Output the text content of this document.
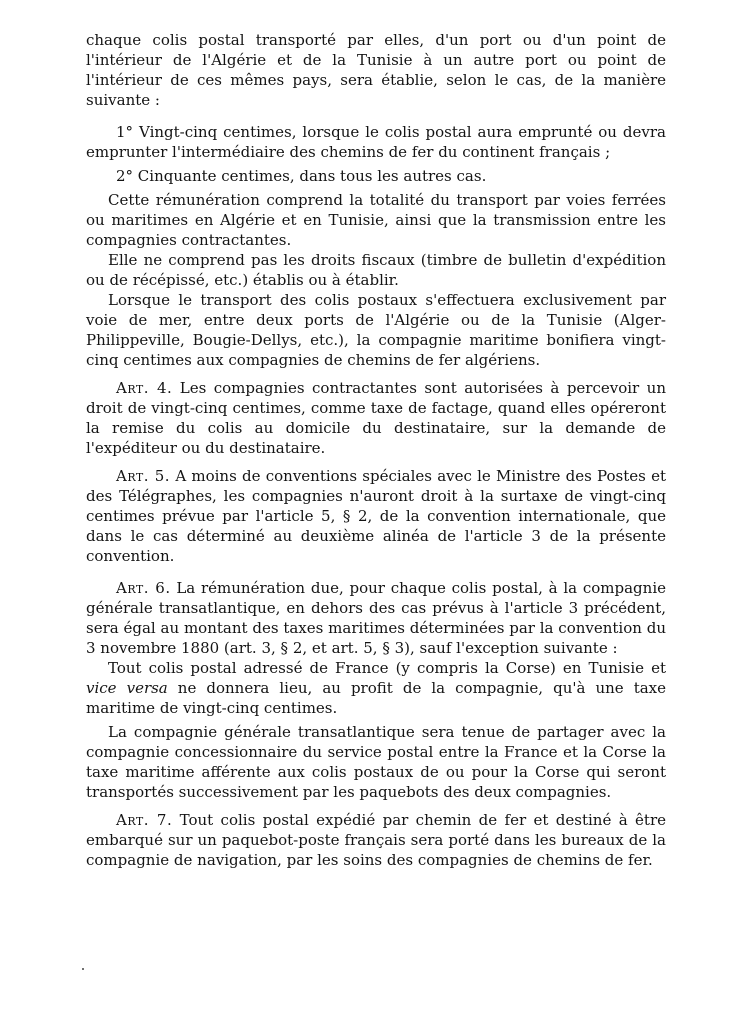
chaque colis postal transporté par elles, d'un port ou d'un point de l'intérieur de l'Algérie et de la Tunisie à un autre port ou point de l'intérieur de ces mêmes pays, sera établie, selon le cas, de la manière suivante :

1° Vingt-cinq centimes, lorsque le colis postal aura emprunté ou devra emprunter l'intermédiaire des chemins de fer du continent français ;

2° Cinquante centimes, dans tous les autres cas.

Cette rémunération comprend la totalité du transport par voies ferrées ou maritimes en Algérie et en Tunisie, ainsi que la transmission entre les compagnies contractantes.

Elle ne comprend pas les droits fiscaux (timbre de bulletin d'expédition ou de récépissé, etc.) établis ou à établir.

Lorsque le transport des colis postaux s'effectuera exclusivement par voie de mer, entre deux ports de l'Algérie ou de la Tunisie (Alger-Philippeville, Bougie-Dellys, etc.), la compagnie maritime bonifiera vingt-cinq centimes aux compagnies de chemins de fer algériens.

Art. 4. Les compagnies contractantes sont autorisées à percevoir un droit de vingt-cinq centimes, comme taxe de factage, quand elles opéreront la remise du colis au domicile du destinataire, sur la demande de l'expéditeur ou du destinataire.

Art. 5. A moins de conventions spéciales avec le Ministre des Postes et des Télégraphes, les compagnies n'auront droit à la surtaxe de vingt-cinq centimes prévue par l'article 5, § 2, de la convention internationale, que dans le cas déterminé au deuxième alinéa de l'article 3 de la présente convention.

Art. 6. La rémunération due, pour chaque colis postal, à la compagnie générale transatlantique, en dehors des cas prévus à l'article 3 précédent, sera égal au montant des taxes maritimes déterminées par la convention du 3 novembre 1880 (art. 3, § 2, et art. 5, § 3), sauf l'exception suivante :

Tout colis postal adressé de France (y compris la Corse) en Tunisie et vice versa ne donnera lieu, au profit de la compagnie, qu'à une taxe maritime de vingt-cinq centimes.

La compagnie générale transatlantique sera tenue de partager avec la compagnie concessionnaire du service postal entre la France et la Corse la taxe maritime afférente aux colis postaux de ou pour la Corse qui seront transportés successivement par les paquebots des deux compagnies.

Art. 7. Tout colis postal expédié par chemin de fer et destiné à être embarqué sur un paquebot-poste français sera porté dans les bureaux de la compagnie de navigation, par les soins des compagnies de chemins de fer.
